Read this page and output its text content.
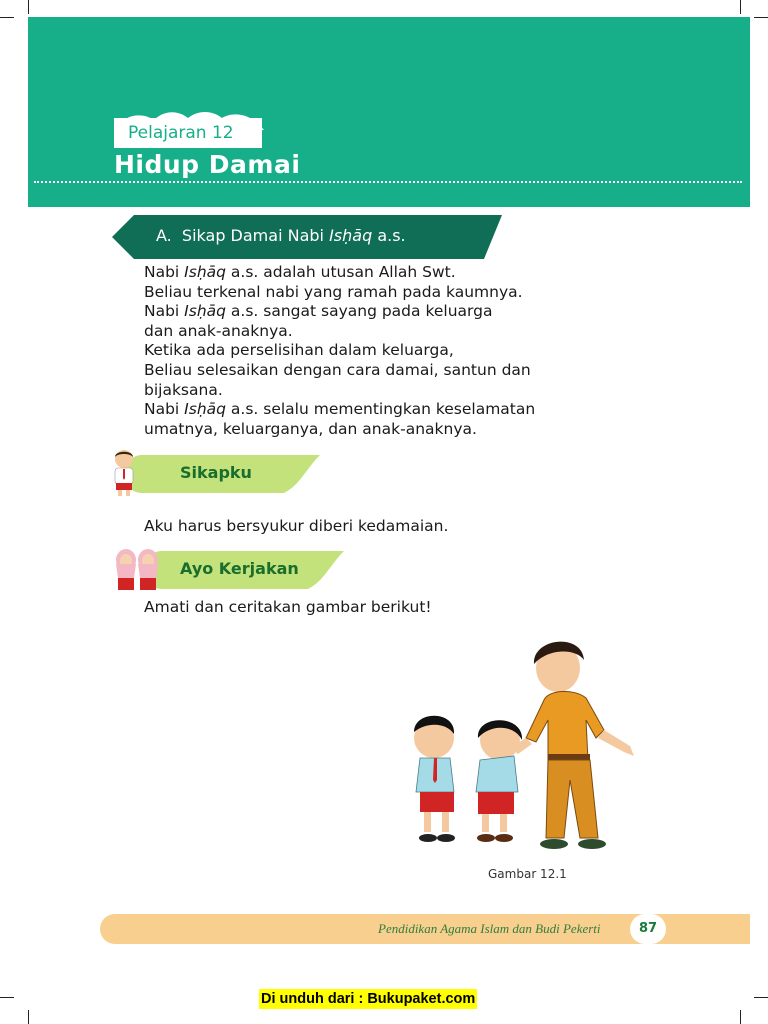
Pelajaran 12
Hidup Damai
A. Sikap Damai Nabi Isḥāq a.s.

Nabi Isḥāq a.s. adalah utusan Allah Swt.

Beliau terkenal nabi yang ramah pada kaumnya.

Nabi Isḥāq a.s. sangat sayang pada keluarga

dan anak-anaknya.

Ketika ada perselisihan dalam keluarga,

Beliau selesaikan dengan cara damai, santun dan

bijaksana.

Nabi Isḥāq a.s. selalu mementingkan keselamatan

umatnya, keluarganya, dan anak-anaknya.

Sikapku
Aku harus bersyukur diberi kedamaian.
Ayo Kerjakan
Amati dan ceritakan gambar berikut!
Gambar 12.1
Pendidikan Agama Islam dan Budi Pekerti	87
Di unduh dari : Bukupaket.com
